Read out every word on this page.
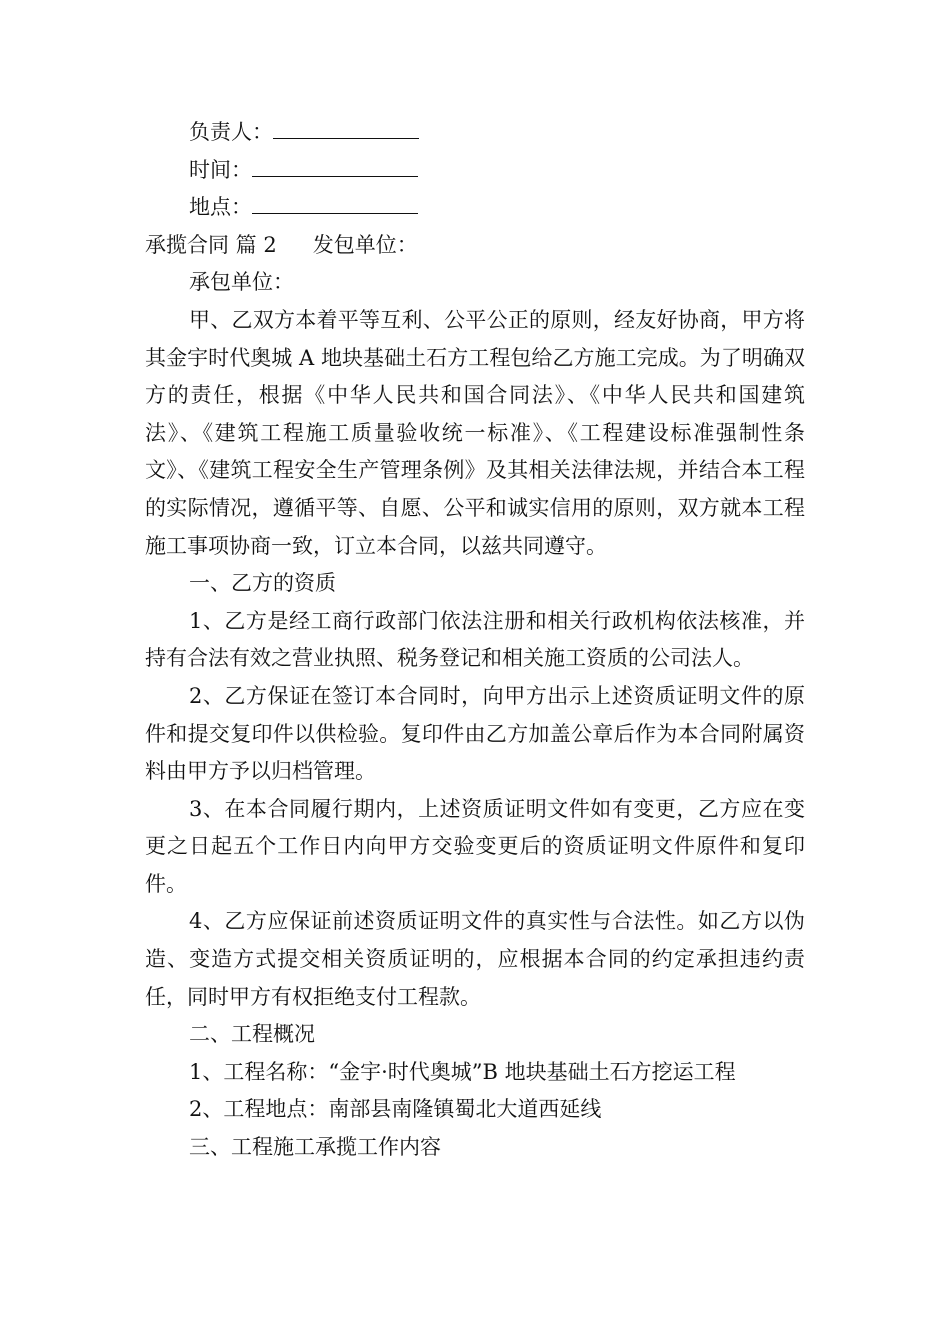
负责人：
时间：
地点：
承揽合同 篇 2 发包单位：
承包单位：

甲、乙双方本着平等互利、公平公正的原则，经友好协商，甲方将其金宇时代奥城 A 地块基础土石方工程包给乙方施工完成。为了明确双方的责任，根据《中华人民共和国合同法》、《中华人民共和国建筑法》、《建筑工程施工质量验收统一标准》、《工程建设标准强制性条文》、《建筑工程安全生产管理条例》及其相关法律法规，并结合本工程的实际情况，遵循平等、自愿、公平和诚实信用的原则，双方就本工程施工事项协商一致，订立本合同，以兹共同遵守。

一、乙方的资质

1、乙方是经工商行政部门依法注册和相关行政机构依法核准，并持有合法有效之营业执照、税务登记和相关施工资质的公司法人。

2、乙方保证在签订本合同时，向甲方出示上述资质证明文件的原件和提交复印件以供检验。复印件由乙方加盖公章后作为本合同附属资料由甲方予以归档管理。

3、在本合同履行期内，上述资质证明文件如有变更，乙方应在变更之日起五个工作日内向甲方交验变更后的资质证明文件原件和复印件。

4、乙方应保证前述资质证明文件的真实性与合法性。如乙方以伪造、变造方式提交相关资质证明的，应根据本合同的约定承担违约责任，同时甲方有权拒绝支付工程款。

二、工程概况
1、工程名称：“金宇·时代奥城”B 地块基础土石方挖运工程
2、工程地点：南部县南隆镇蜀北大道西延线
三、工程施工承揽工作内容
